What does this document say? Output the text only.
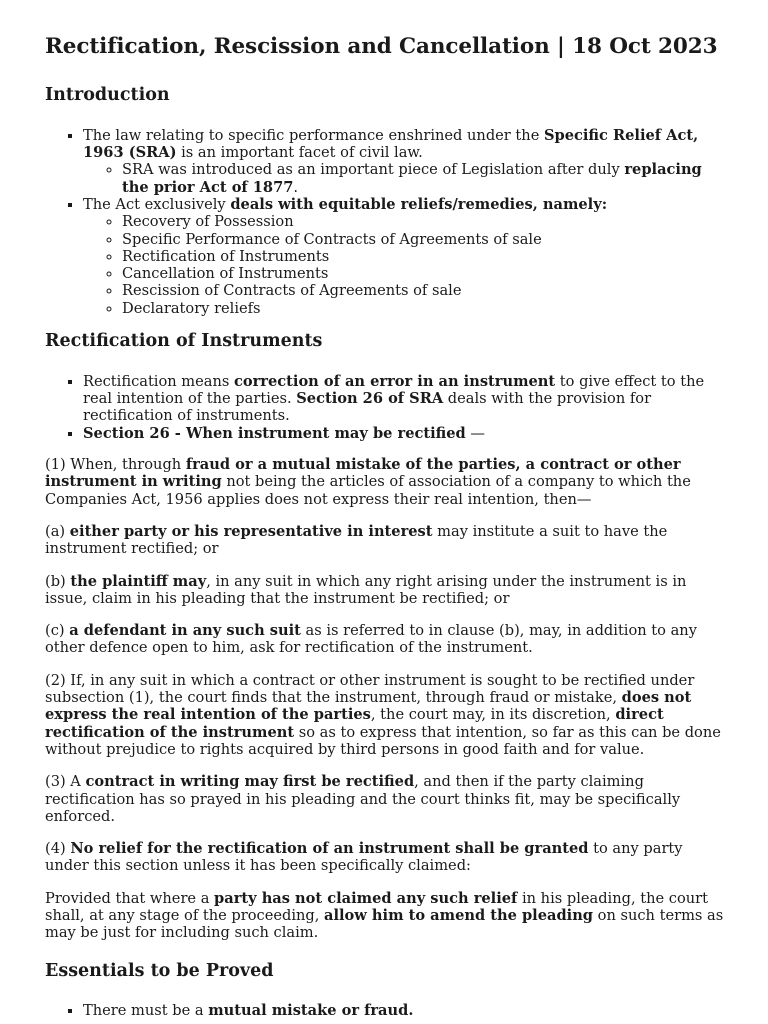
Rectification, Rescission and Cancellation | 18 Oct 2023
Introduction
▪ The law relating to specific performance enshrined under the Specific Relief Act, 1963 (SRA) is an important facet of civil law.
◦ SRA was introduced as an important piece of Legislation after duly replacing the prior Act of 1877.
▪ The Act exclusively deals with equitable reliefs/remedies, namely:
◦ Recovery of Possession
◦ Specific Performance of Contracts of Agreements of sale
◦ Rectification of Instruments
◦ Cancellation of Instruments
◦ Rescission of Contracts of Agreements of sale
◦ Declaratory reliefs
Rectification of Instruments
▪ Rectification means correction of an error in an instrument to give effect to the real intention of the parties. Section 26 of SRA deals with the provision for rectification of instruments.
▪ Section 26 - When instrument may be rectified —

(1) When, through fraud or a mutual mistake of the parties, a contract or other instrument in writing not being the articles of association of a company to which the Companies Act, 1956 applies does not express their real intention, then—

(a) either party or his representative in interest may institute a suit to have the instrument rectified; or

(b) the plaintiff may, in any suit in which any right arising under the instrument is in issue, claim in his pleading that the instrument be rectified; or

(c) a defendant in any such suit as is referred to in clause (b), may, in addition to any other defence open to him, ask for rectification of the instrument.

(2) If, in any suit in which a contract or other instrument is sought to be rectified under subsection (1), the court finds that the instrument, through fraud or mistake, does not express the real intention of the parties, the court may, in its discretion, direct rectification of the instrument so as to express that intention, so far as this can be done without prejudice to rights acquired by third persons in good faith and for value.

(3) A contract in writing may first be rectified, and then if the party claiming rectification has so prayed in his pleading and the court thinks fit, may be specifically enforced.

(4) No relief for the rectification of an instrument shall be granted to any party under this section unless it has been specifically claimed:

Provided that where a party has not claimed any such relief in his pleading, the court shall, at any stage of the proceeding, allow him to amend the pleading on such terms as may be just for including such claim.

Essentials to be Proved
▪ There must be a mutual mistake or fraud.
